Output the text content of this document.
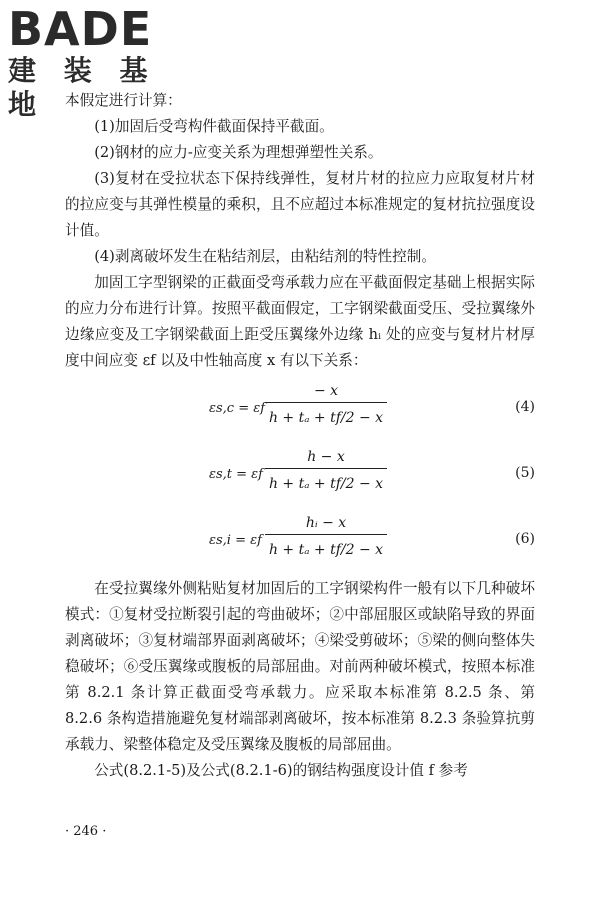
BADE
建 装 基 地	本假定进行计算：

(1)加固后受弯构件截面保持平截面。

(2)钢材的应力-应变关系为理想弹塑性关系。

(3)复材在受拉状态下保持线弹性，复材片材的拉应力应取复材片材的拉应变与其弹性模量的乘积，且不应超过本标准规定的复材抗拉强度设计值。

(4)剥离破坏发生在粘结剂层，由粘结剂的特性控制。

加固工字型钢梁的正截面受弯承载力应在平截面假定基础上根据实际的应力分布进行计算。按照平截面假定，工字钢梁截面受压、受拉翼缘外边缘应变及工字钢梁截面上距受压翼缘外边缘 hᵢ 处的应变与复材片材厚度中间应变 εf 以及中性轴高度 x 有以下关系：

εs,c = εf
− x
h + tₐ + tf/2 − x
(4)
εs,t = εf
h − x
h + tₐ + tf/2 − x
(5)
εs,i = εf
hᵢ − x
h + tₐ + tf/2 − x
(6)

在受拉翼缘外侧粘贴复材加固后的工字钢梁构件一般有以下几种破坏模式：①复材受拉断裂引起的弯曲破坏；②中部屈服区或缺陷导致的界面剥离破坏；③复材端部界面剥离破坏；④梁受剪破坏；⑤梁的侧向整体失稳破坏；⑥受压翼缘或腹板的局部屈曲。对前两种破坏模式，按照本标准第 8.2.1 条计算正截面受弯承载力。应采取本标准第 8.2.5 条、第 8.2.6 条构造措施避免复材端部剥离破坏，按本标准第 8.2.3 条验算抗剪承载力、梁整体稳定及受压翼缘及腹板的局部屈曲。

公式(8.2.1-5)及公式(8.2.1-6)的钢结构强度设计值 f 参考

· 246 ·
